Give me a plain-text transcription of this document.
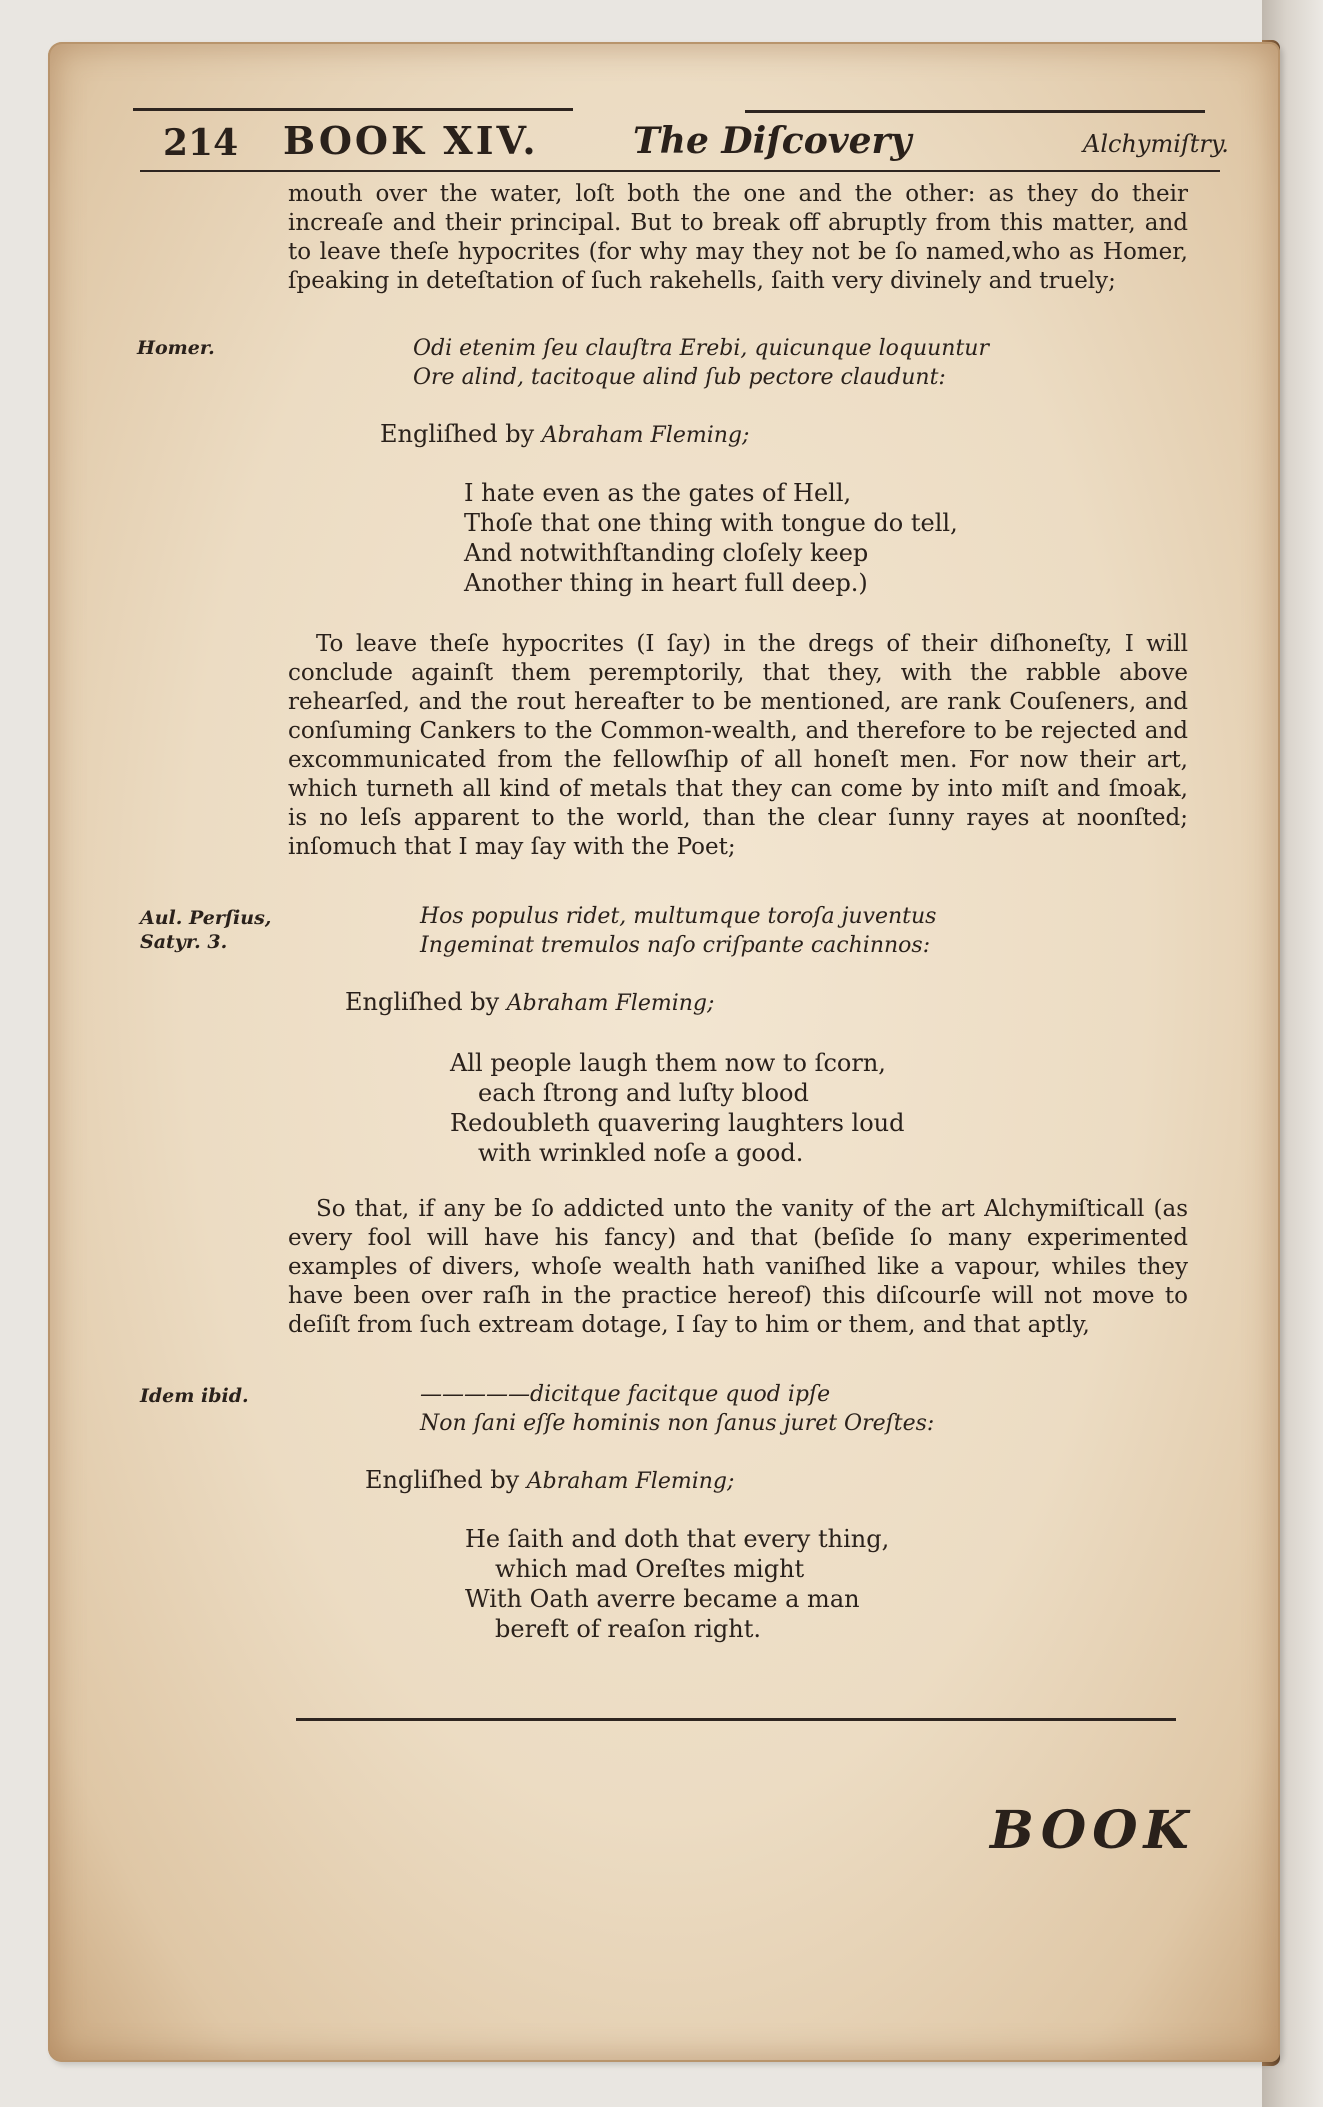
214 BOOK XIV.	The Diſcovery	Alchymiſtry.

mouth over the water, loſt both the one and the other: as they do their increaſe and their principal. But to break off abruptly from this matter, and to leave theſe hypocrites (for why may they not be ſo named,who as Homer, ſpeaking in deteſtation of ſuch rakehells, ſaith very divinely and truely;

Homer.	Odi etenim ſeu clauſtra Erebi, quicunque loquuntur
Ore alind, tacitoque alind ſub pectore claudunt:
Engliſhed by Abraham Fleming;
I hate even as the gates of Hell,
Thoſe that one thing with tongue do tell,
And notwithſtanding cloſely keep
Another thing in heart full deep.)

To leave theſe hypocrites (I ſay) in the dregs of their diſhoneſty, I will conclude againſt them peremptorily, that they, with the rabble above rehearſed, and the rout hereafter to be mentioned, are rank Couſeners, and conſuming Cankers to the Common-wealth, and therefore to be rejected and excommunicated from the fellowſhip of all honeſt men. For now their art, which turneth all kind of metals that they can come by into miſt and ſmoak, is no leſs apparent to the world, than the clear ſunny rayes at noonſted; inſomuch that I may ſay with the Poet;

Aul. Perſius,
Satyr. 3.
Hos populus ridet, multumque toroſa juventus
Ingeminat tremulos naſo criſpante cachinnos:
Engliſhed by Abraham Fleming;
All people laugh them now to ſcorn,
each ſtrong and luſty blood
Redoubleth quavering laughters loud
with wrinkled noſe a good.

So that, if any be ſo addicted unto the vanity of the art Alchymiſticall (as every fool will have his fancy) and that (beſide ſo many experimented examples of divers, whoſe wealth hath vaniſhed like a vapour, whiles they have been over raſh in the practice hereof) this diſcourſe will not move to deſiſt from ſuch extream dotage, I ſay to him or them, and that aptly,

Idem ibid.	—————dicitque facitque quod ipſe
Non ſani eſſe hominis non ſanus juret Oreſtes:
Engliſhed by Abraham Fleming;
He ſaith and doth that every thing,
which mad Oreſtes might
With Oath averre became a man
bereft of reaſon right.
BOOK
